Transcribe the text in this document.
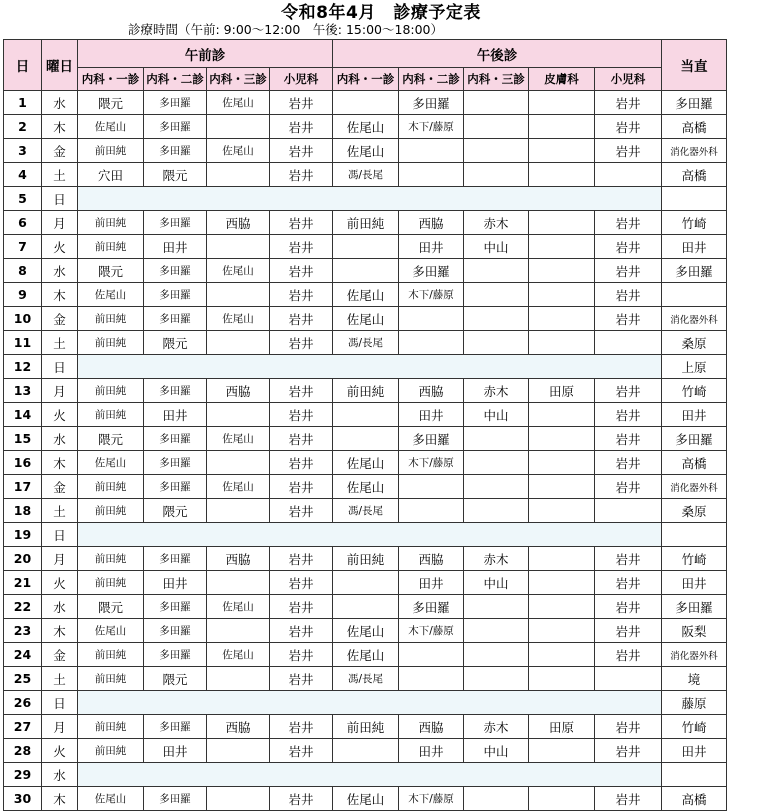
令和8年4月　診療予定表
診療時間（午前: 9:00〜12:00　午後: 15:00〜18:00）
日	曜日	午前診				午後診					当直
		内科・一診	内科・二診	内科・三診	小児科	内科・一診	内科・二診	内科・三診	皮膚科	小児科	
1	水	隈元	多田羅	佐尾山	岩井		多田羅			岩井	多田羅
2	木	佐尾山	多田羅		岩井	佐尾山	木下/藤原			岩井	高橋
3	金	前田純	多田羅	佐尾山	岩井	佐尾山				岩井	消化器外科
4	土	穴田	隈元		岩井	馮/長尾					高橋
5	日										
6	月	前田純	多田羅	西脇	岩井	前田純	西脇	赤木		岩井	竹崎
7	火	前田純	田井		岩井		田井	中山		岩井	田井
8	水	隈元	多田羅	佐尾山	岩井		多田羅			岩井	多田羅
9	木	佐尾山	多田羅		岩井	佐尾山	木下/藤原			岩井	
10	金	前田純	多田羅	佐尾山	岩井	佐尾山				岩井	消化器外科
11	土	前田純	隈元		岩井	馮/長尾					桑原
12	日										上原
13	月	前田純	多田羅	西脇	岩井	前田純	西脇	赤木	田原	岩井	竹崎
14	火	前田純	田井		岩井		田井	中山		岩井	田井
15	水	隈元	多田羅	佐尾山	岩井		多田羅			岩井	多田羅
16	木	佐尾山	多田羅		岩井	佐尾山	木下/藤原			岩井	高橋
17	金	前田純	多田羅	佐尾山	岩井	佐尾山				岩井	消化器外科
18	土	前田純	隈元		岩井	馮/長尾					桑原
19	日										
20	月	前田純	多田羅	西脇	岩井	前田純	西脇	赤木		岩井	竹崎
21	火	前田純	田井		岩井		田井	中山		岩井	田井
22	水	隈元	多田羅	佐尾山	岩井		多田羅			岩井	多田羅
23	木	佐尾山	多田羅		岩井	佐尾山	木下/藤原			岩井	阪梨
24	金	前田純	多田羅	佐尾山	岩井	佐尾山				岩井	消化器外科
25	土	前田純	隈元		岩井	馮/長尾					境
26	日										藤原
27	月	前田純	多田羅	西脇	岩井	前田純	西脇	赤木	田原	岩井	竹崎
28	火	前田純	田井		岩井		田井	中山		岩井	田井
29	水										
30	木	佐尾山	多田羅		岩井	佐尾山	木下/藤原			岩井	高橋
